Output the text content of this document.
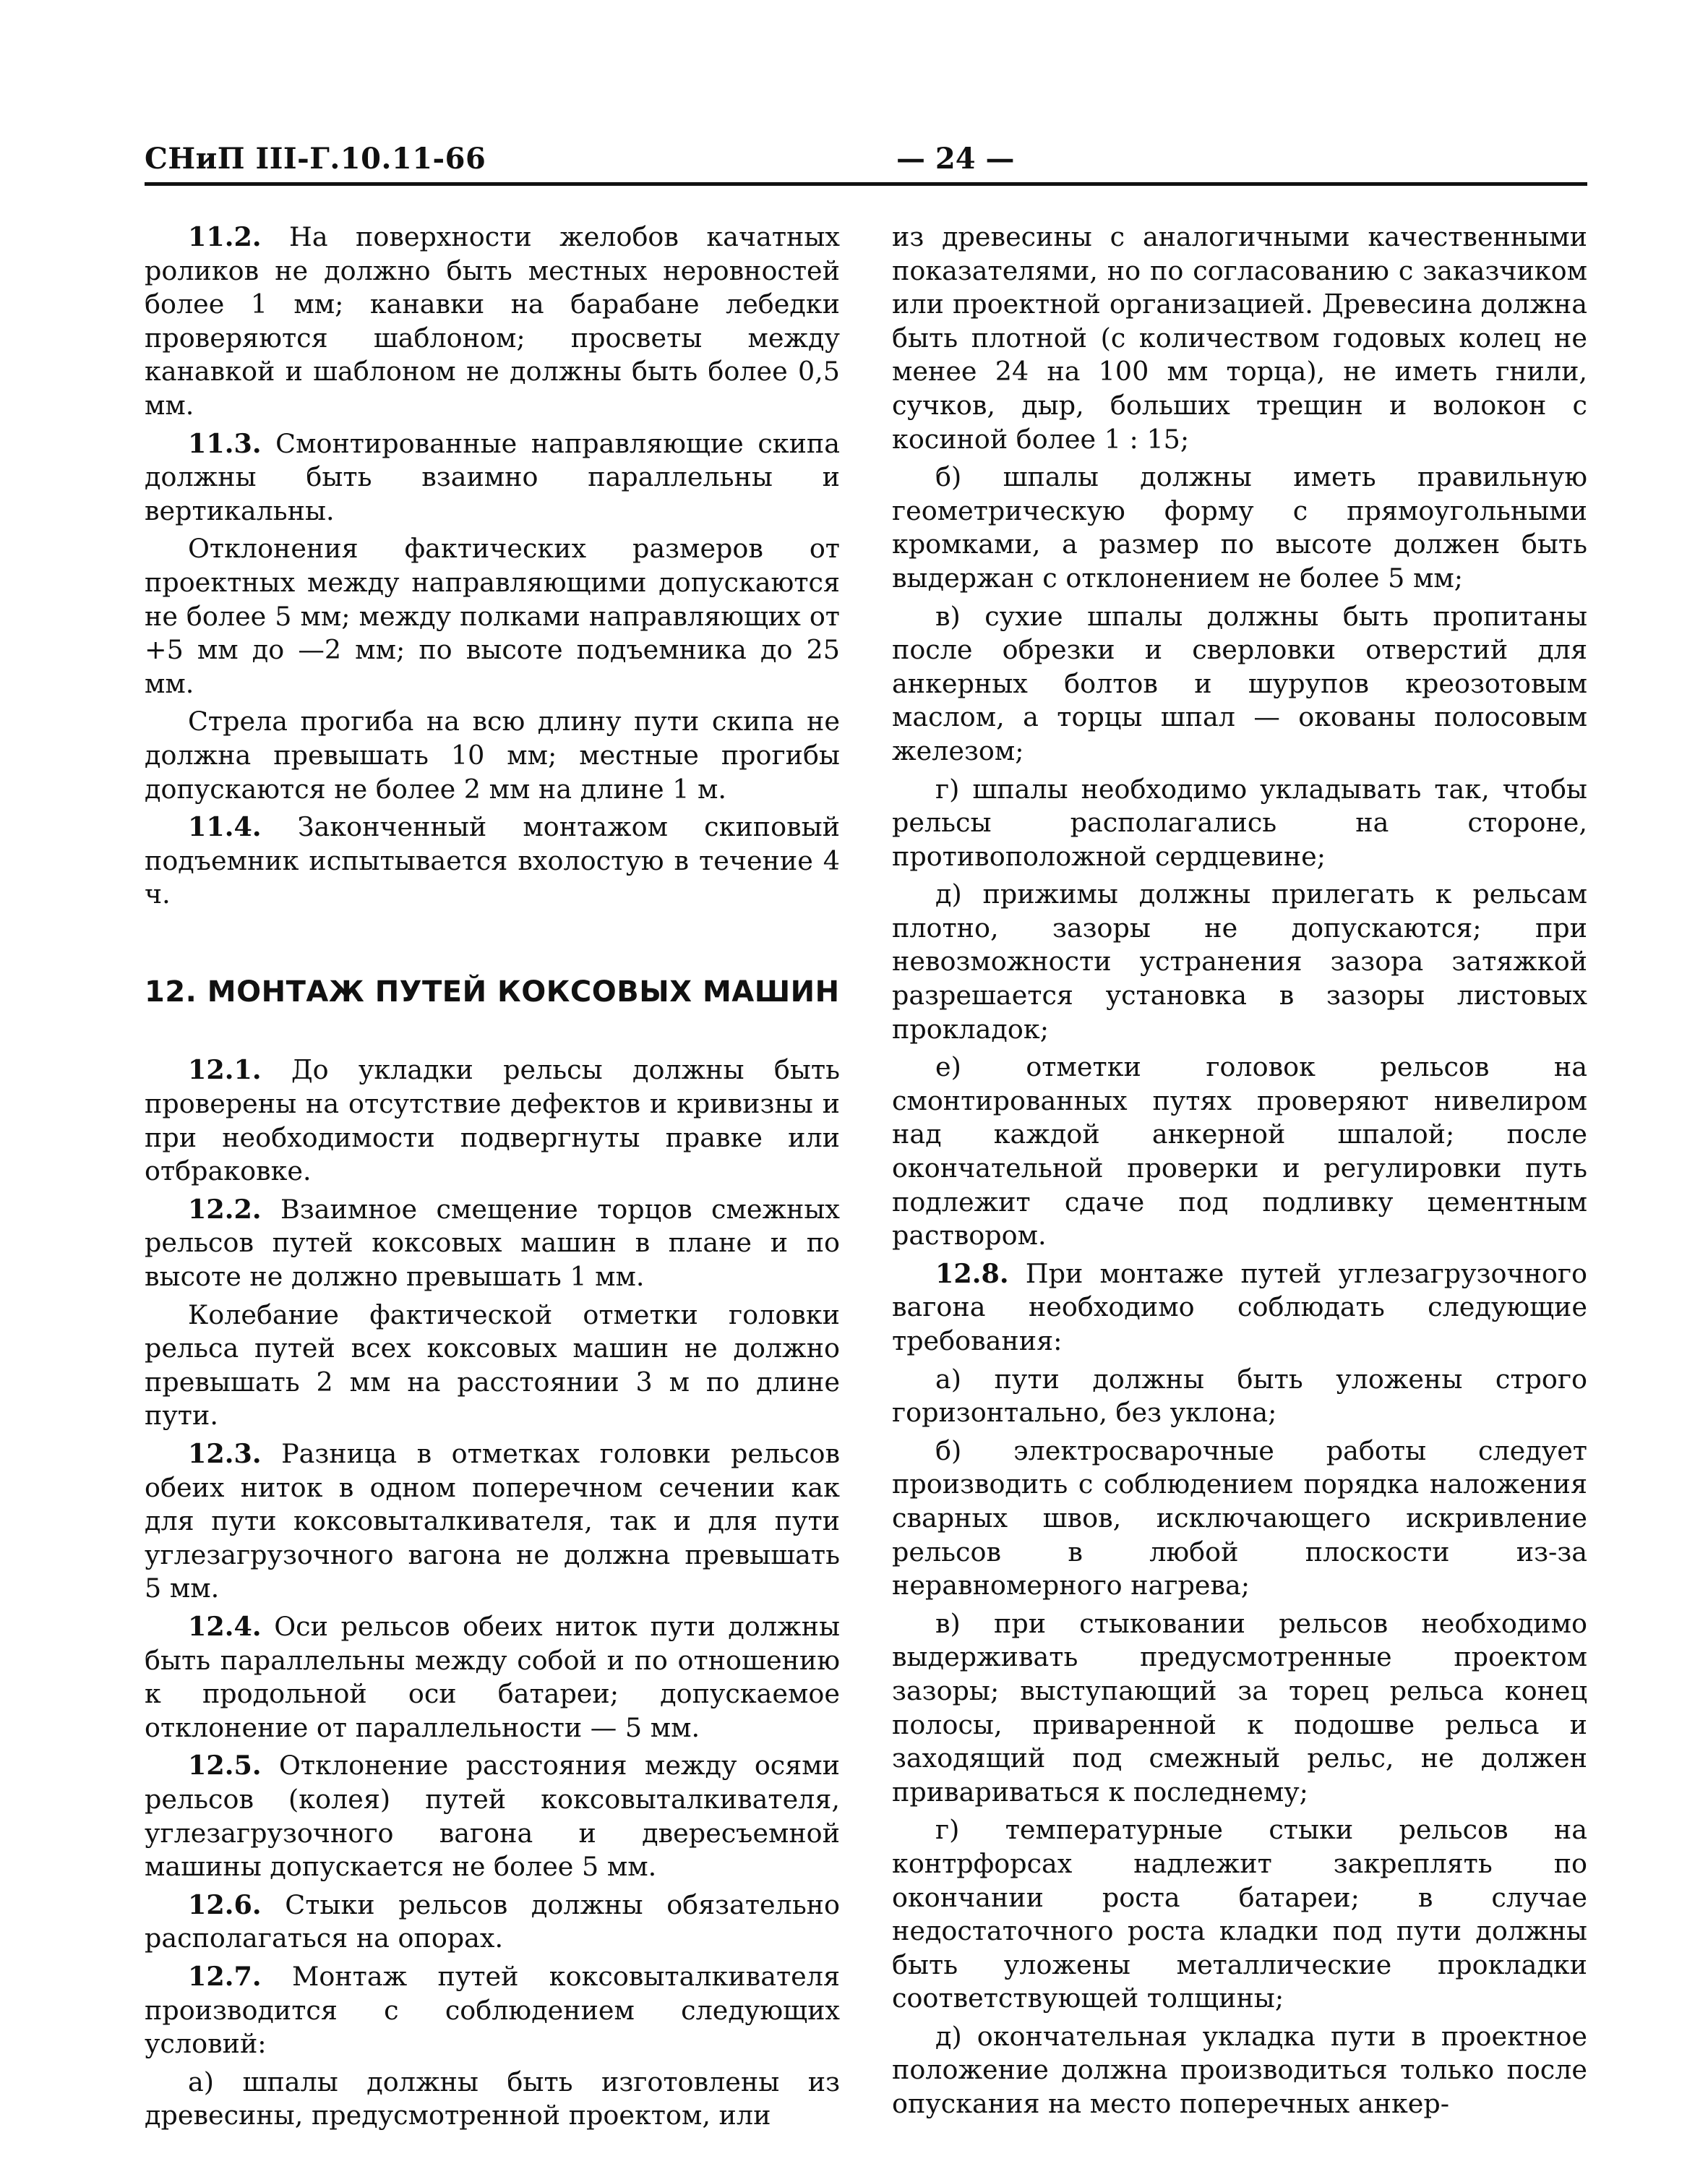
СНиП III-Г.10.11-66	— 24 —

11.2. На поверхности желобов качатных роликов не должно быть местных неровностей более 1 мм; канавки на барабане лебедки проверяются шаблоном; просветы между канавкой и шаблоном не должны быть более 0,5 мм.

11.3. Смонтированные направляющие скипа должны быть взаимно параллельны и вертикальны.

Отклонения фактических размеров от проектных между направляющими допускаются не более 5 мм; между полками направляющих от +5 мм до —2 мм; по высоте подъемника до 25 мм.

Стрела прогиба на всю длину пути скипа не должна превышать 10 мм; местные прогибы допускаются не более 2 мм на длине 1 м.

11.4. Законченный монтажом скиповый подъемник испытывается вхолостую в течение 4 ч.

12. МОНТАЖ ПУТЕЙ КОКСОВЫХ МАШИН

12.1. До укладки рельсы должны быть проверены на отсутствие дефектов и кривизны и при необходимости подвергнуты правке или отбраковке.

12.2. Взаимное смещение торцов смежных рельсов путей коксовых машин в плане и по высоте не должно превышать 1 мм.

Колебание фактической отметки головки рельса путей всех коксовых машин не должно превышать 2 мм на расстоянии 3 м по длине пути.

12.3. Разница в отметках головки рельсов обеих ниток в одном поперечном сечении как для пути коксовыталкивателя, так и для пути углезагрузочного вагона не должна превышать 5 мм.

12.4. Оси рельсов обеих ниток пути должны быть параллельны между собой и по отношению к продольной оси батареи; допускаемое отклонение от параллельности — 5 мм.

12.5. Отклонение расстояния между осями рельсов (колея) путей коксовыталкивателя, углезагрузочного вагона и двересъемной машины допускается не более 5 мм.

12.6. Стыки рельсов должны обязательно располагаться на опорах.

12.7. Монтаж путей коксовыталкивателя производится с соблюдением следующих условий:

а) шпалы должны быть изготовлены из древесины, предусмотренной проектом, или

из древесины с аналогичными качественными показателями, но по согласованию с заказчиком или проектной организацией. Древесина должна быть плотной (с количеством годовых колец не менее 24 на 100 мм торца), не иметь гнили, сучков, дыр, больших трещин и волокон с косиной более 1 : 15;

б) шпалы должны иметь правильную геометрическую форму с прямоугольными кромками, а размер по высоте должен быть выдержан с отклонением не более 5 мм;

в) сухие шпалы должны быть пропитаны после обрезки и сверловки отверстий для анкерных болтов и шурупов креозотовым маслом, а торцы шпал — окованы полосовым железом;

г) шпалы необходимо укладывать так, чтобы рельсы располагались на стороне, противоположной сердцевине;

д) прижимы должны прилегать к рельсам плотно, зазоры не допускаются; при невозможности устранения зазора затяжкой разрешается установка в зазоры листовых прокладок;

е) отметки головок рельсов на смонтированных путях проверяют нивелиром над каждой анкерной шпалой; после окончательной проверки и регулировки путь подлежит сдаче под подливку цементным раствором.

12.8. При монтаже путей углезагрузочного вагона необходимо соблюдать следующие требования:

а) пути должны быть уложены строго горизонтально, без уклона;

б) электросварочные работы следует производить с соблюдением порядка наложения сварных швов, исключающего искривление рельсов в любой плоскости из-за неравномерного нагрева;

в) при стыковании рельсов необходимо выдерживать предусмотренные проектом зазоры; выступающий за торец рельса конец полосы, приваренной к подошве рельса и заходящий под смежный рельс, не должен привариваться к последнему;

г) температурные стыки рельсов на контрфорсах надлежит закреплять по окончании роста батареи; в случае недостаточного роста кладки под пути должны быть уложены металлические прокладки соответствующей толщины;

д) окончательная укладка пути в проектное положение должна производиться только после опускания на место поперечных анкер-
